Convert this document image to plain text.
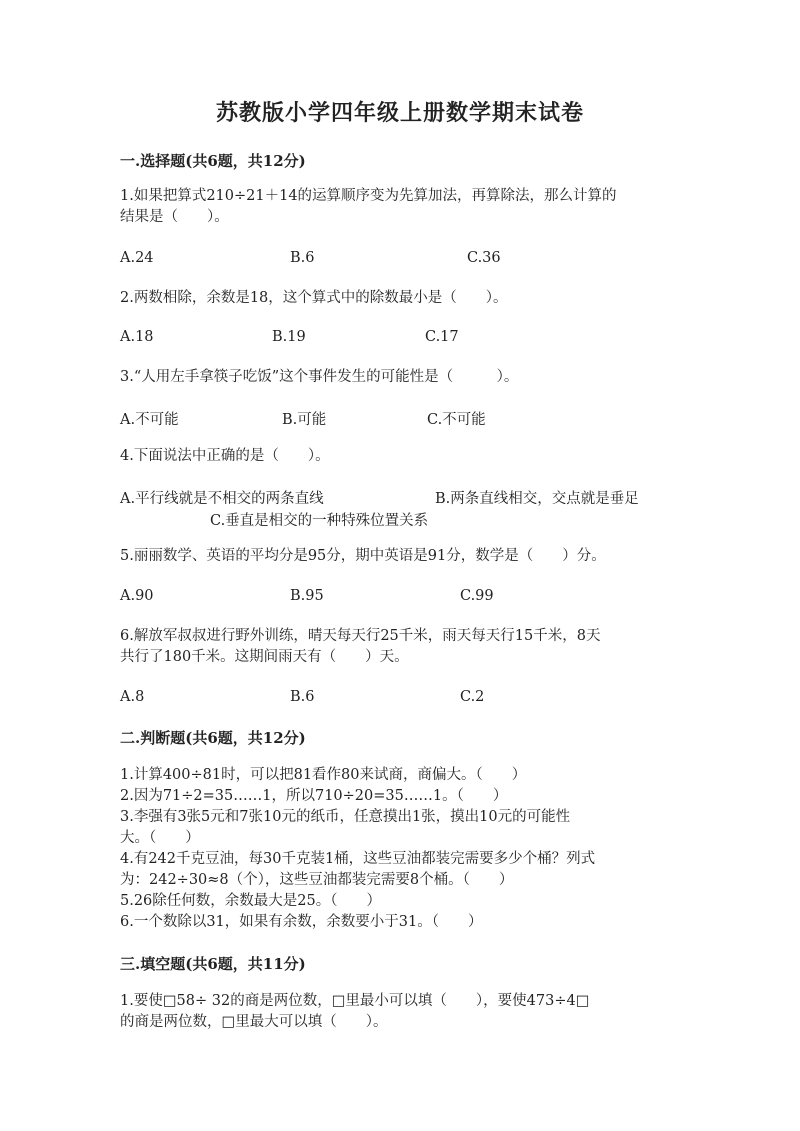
苏教版小学四年级上册数学期末试卷
一.选择题(共6题，共12分)
1.如果把算式210÷21＋14的运算顺序变为先算加法，再算除法，那么计算的
结果是（　　）。
A.24	B.6	C.36
2.两数相除，余数是18，这个算式中的除数最小是（　　）。
A.18	B.19	C.17
3.“人用左手拿筷子吃饭”这个事件发生的可能性是（　　　）。
A.不可能	B.可能	C.不可能
4.下面说法中正确的是（　　）。
A.平行线就是不相交的两条直线	B.两条直线相交，交点就是垂足
C.垂直是相交的一种特殊位置关系
5.丽丽数学、英语的平均分是95分，期中英语是91分，数学是（　　）分。
A.90	B.95	C.99
6.解放军叔叔进行野外训练，晴天每天行25千米，雨天每天行15千米，8天
共行了180千米。这期间雨天有（　　）天。
A.8	B.6	C.2
二.判断题(共6题，共12分)
1.计算400÷81时，可以把81看作80来试商，商偏大。（　　）
2.因为71÷2=35……1，所以710÷20=35……1。（　　）
3.李强有3张5元和7张10元的纸币，任意摸出1张，摸出10元的可能性
大。（　　）
4.有242千克豆油，每30千克装1桶，这些豆油都装完需要多少个桶？列式
为：242÷30≈8（个），这些豆油都装完需要8个桶。（　　）
5.26除任何数，余数最大是25。（　　）
6.一个数除以31，如果有余数，余数要小于31。（　　）
三.填空题(共6题，共11分)
1.要使□58÷ 32的商是两位数，□里最小可以填（　　），要使473÷4□
的商是两位数，□里最大可以填（　　）。
